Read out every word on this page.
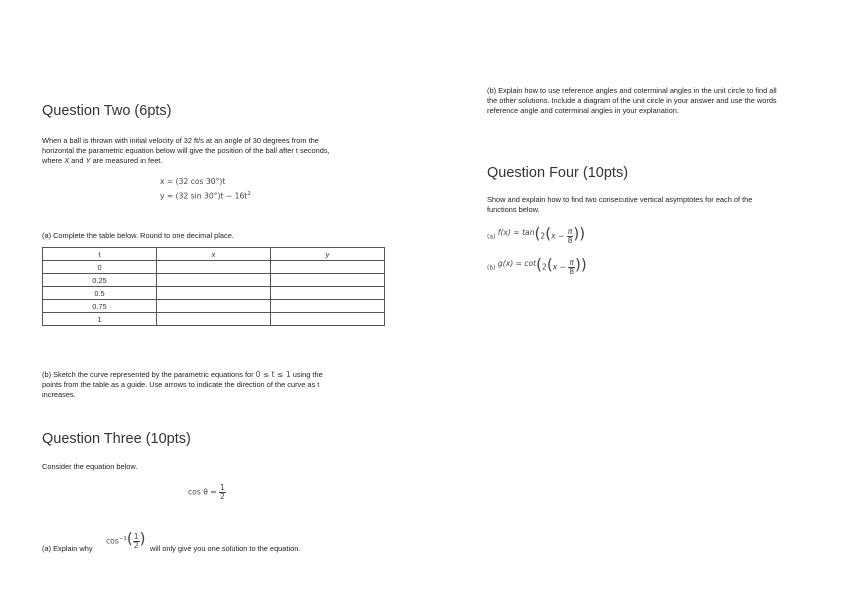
Question Two (6pts)
When a ball is thrown with initial velocity of 32 ft/s at an angle of 30 degrees from the
horizontal the parametric equation below will give the position of the ball after t seconds,
where X and Y are measured in feet.
x = (32 cos 30°)t
y = (32 $\sin 30^\circ)t - 16t^2$
(a) Complete the table below. Round to one decimal place.
t	x	y
0		
0.25		
0.5		
0.75		
1		
(b) Sketch the curve represented by the parametric equations for 0 ≤ t ≤ 1 using the
points from the table as a guide. Use arrows to indicate the direction of the curve as t
increases.
Question Three (10pts)
Consider the equation below.
$\cos \theta = \frac{1}{2}$
(a) Explain why
$\cos^{-1}( \frac{1}{2}$ )
will only give you one solution to the equation.
(b) Explain how to use reference angles and coterminal angles in the unit circle to find all
the other solutions. Include a diagram of the unit circle in your answer and use the words
reference angle and coterminal angles in your explanation.
Question Four (10pts)
Show and explain how to find two consecutive vertical asymptotes for each of the
functions below.
(a) $f(x) = \tan(2(x - \frac{\pi}{8}$ ))
(b) $g(x) = \cot(2(x - \frac{\pi}{8}$ ))
